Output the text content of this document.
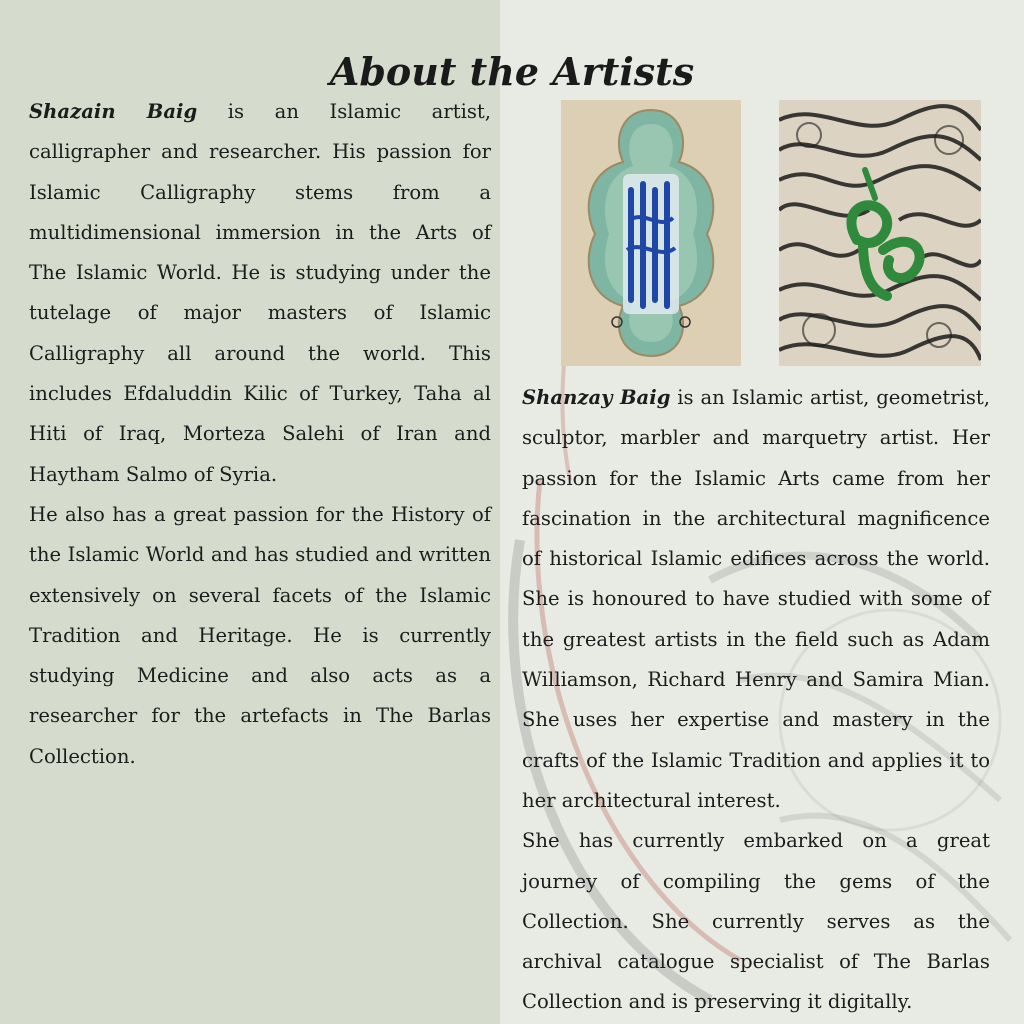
About the Artists

Shazain Baig is an Islamic artist, calligrapher and researcher. His passion for Islamic Calligraphy stems from a multidimensional immersion in the Arts of The Islamic World. He is studying under the tutelage of major masters of Islamic Calligraphy all around the world. This includes Efdaluddin Kilic of Turkey, Taha al Hiti of Iraq, Morteza Salehi of Iran and Haytham Salmo of Syria.

He also has a great passion for the History of the Islamic World and has studied and written extensively on several facets of the Islamic Tradition and Heritage. He is currently studying Medicine and also acts as a researcher for the artefacts in The Barlas Collection.

Shanzay Baig is an Islamic artist, geometrist, sculptor, marbler and marquetry artist. Her passion for the Islamic Arts came from her fascination in the architectural magnificence of historical Islamic edifices across the world. She is honoured to have studied with some of the greatest artists in the field such as Adam Williamson, Richard Henry and Samira Mian. She uses her expertise and mastery in the crafts of the Islamic Tradition and applies it to her architectural interest.

She has currently embarked on a great journey of compiling the gems of the Collection. She currently serves as the archival catalogue specialist of The Barlas Collection and is preserving it digitally.
